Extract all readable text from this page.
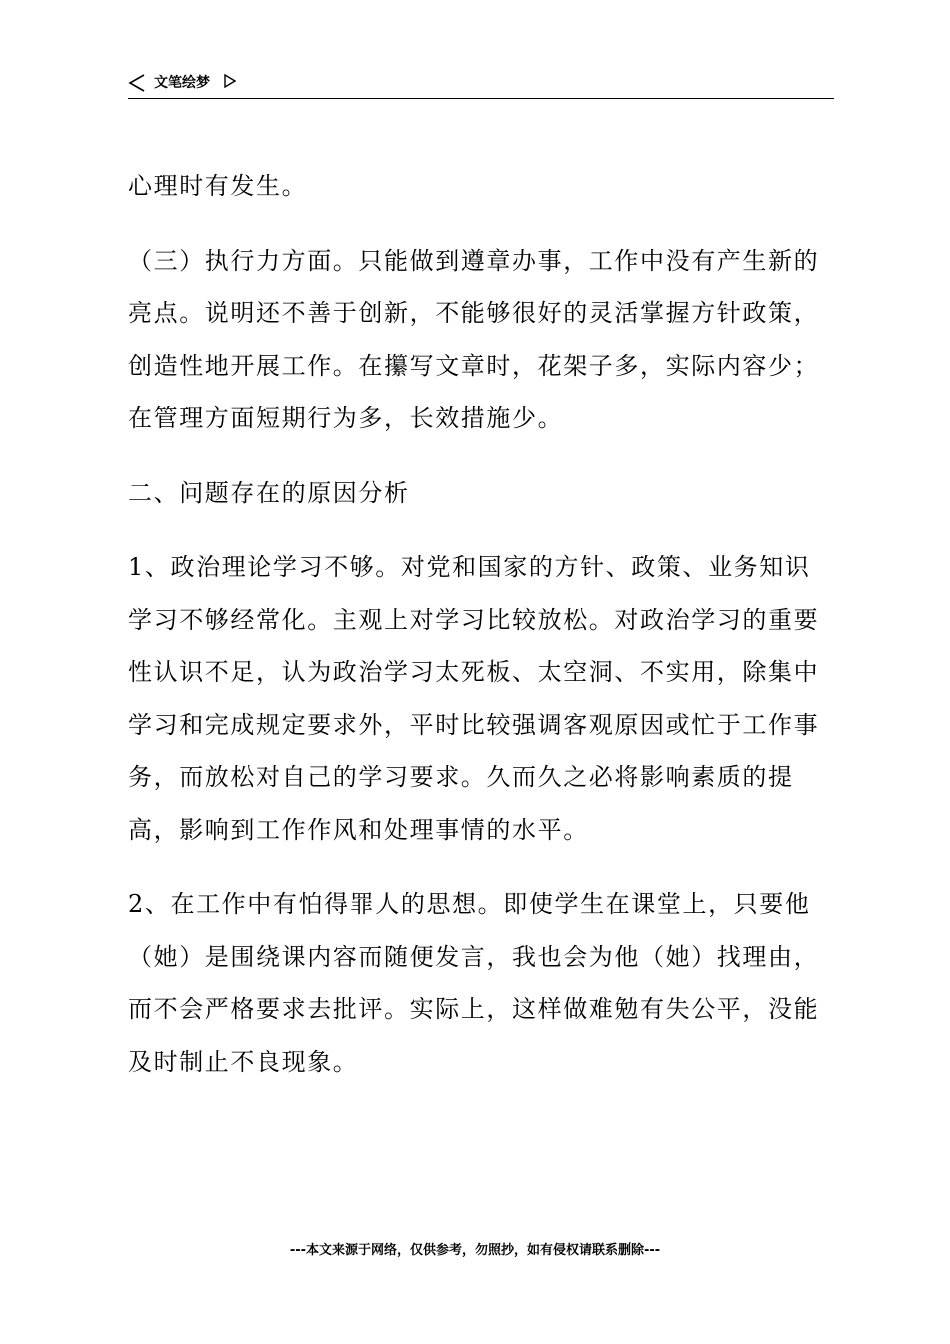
文笔绘梦

心理时有发生。

（三）执行力方面。只能做到遵章办事，工作中没有产生新的亮点。说明还不善于创新，不能够很好的灵活掌握方针政策，创造性地开展工作。在攥写文章时，花架子多，实际内容少；在管理方面短期行为多，长效措施少。

二、问题存在的原因分析

1、政治理论学习不够。对党和国家的方针、政策、业务知识学习不够经常化。主观上对学习比较放松。对政治学习的重要性认识不足，认为政治学习太死板、太空洞、不实用，除集中学习和完成规定要求外，平时比较强调客观原因或忙于工作事务，而放松对自己的学习要求。久而久之必将影响素质的提高，影响到工作作风和处理事情的水平。

2、在工作中有怕得罪人的思想。即使学生在课堂上，只要他（她）是围绕课内容而随便发言，我也会为他（她）找理由，而不会严格要求去批评。实际上，这样做难勉有失公平，没能及时制止不良现象。

---本文来源于网络，仅供参考，勿照抄，如有侵权请联系删除---
